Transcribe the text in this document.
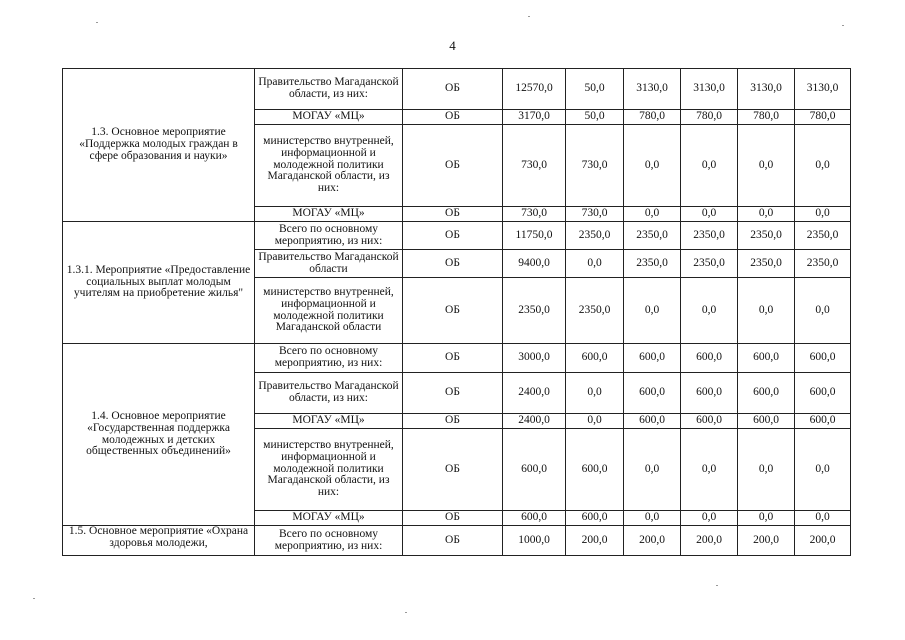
4
1.3. Основное мероприятие «Поддержка молодых граждан в сфере образования и науки»	Правительство Магаданской области, из них:	ОБ	12570,0	50,0	3130,0	3130,0	3130,0	3130,0
	МОГАУ «МЦ»	ОБ	3170,0	50,0	780,0	780,0	780,0	780,0
	министерство внутренней, информационной и молодежной политики Магаданской области, из них:	ОБ	730,0	730,0	0,0	0,0	0,0	0,0
	МОГАУ «МЦ»	ОБ	730,0	730,0	0,0	0,0	0,0	0,0
1.3.1. Мероприятие «Предоставление социальных выплат молодым учителям на приобретение жилья"	Всего по основному мероприятию, из них:	ОБ	11750,0	2350,0	2350,0	2350,0	2350,0	2350,0
	Правительство Магаданской области	ОБ	9400,0	0,0	2350,0	2350,0	2350,0	2350,0
	министерство внутренней, информационной и молодежной политики Магаданской области	ОБ	2350,0	2350,0	0,0	0,0	0,0	0,0
1.4. Основное мероприятие «Государственная поддержка молодежных и детских общественных объединений»	Всего по основному мероприятию, из них:	ОБ	3000,0	600,0	600,0	600,0	600,0	600,0
	Правительство Магаданской области, из них:	ОБ	2400,0	0,0	600,0	600,0	600,0	600,0
	МОГАУ «МЦ»	ОБ	2400,0	0,0	600,0	600,0	600,0	600,0
	министерство внутренней, информационной и молодежной политики Магаданской области, из них:	ОБ	600,0	600,0	0,0	0,0	0,0	0,0
	МОГАУ «МЦ»	ОБ	600,0	600,0	0,0	0,0	0,0	0,0
1.5. Основное мероприятие «Охрана здоровья молодежи,	Всего по основному мероприятию, из них:	ОБ	1000,0	200,0	200,0	200,0	200,0	200,0
